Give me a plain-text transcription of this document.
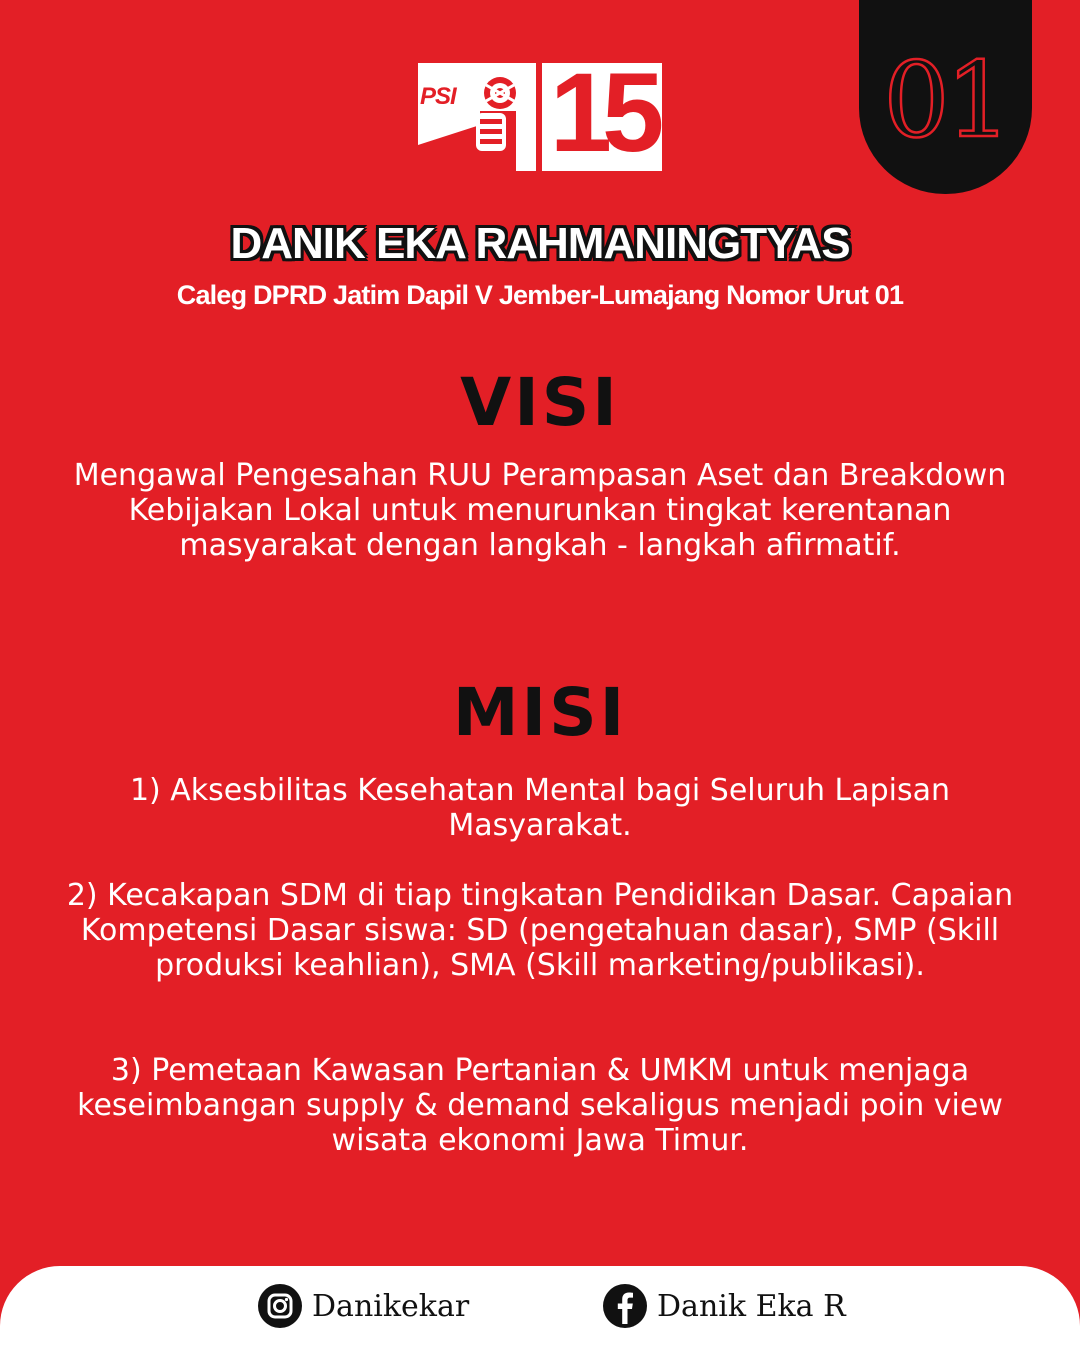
01
PSI 15
DANIK EKA RAHMANINGTYAS
Caleg DPRD Jatim Dapil V Jember-Lumajang Nomor Urut 01
VISI
Mengawal Pengesahan RUU Perampasan Aset dan Breakdown Kebijakan Lokal untuk menurunkan tingkat kerentanan masyarakat dengan langkah - langkah afirmatif.
MISI
1) Aksesbilitas Kesehatan Mental bagi Seluruh Lapisan Masyarakat.
2) Kecakapan SDM di tiap tingkatan Pendidikan Dasar. Capaian Kompetensi Dasar siswa: SD (pengetahuan dasar), SMP (Skill produksi keahlian), SMA (Skill marketing/publikasi).
3) Pemetaan Kawasan Pertanian & UMKM untuk menjaga keseimbangan supply & demand sekaligus menjadi poin view wisata ekonomi Jawa Timur.
Danikekar	Danik Eka R
